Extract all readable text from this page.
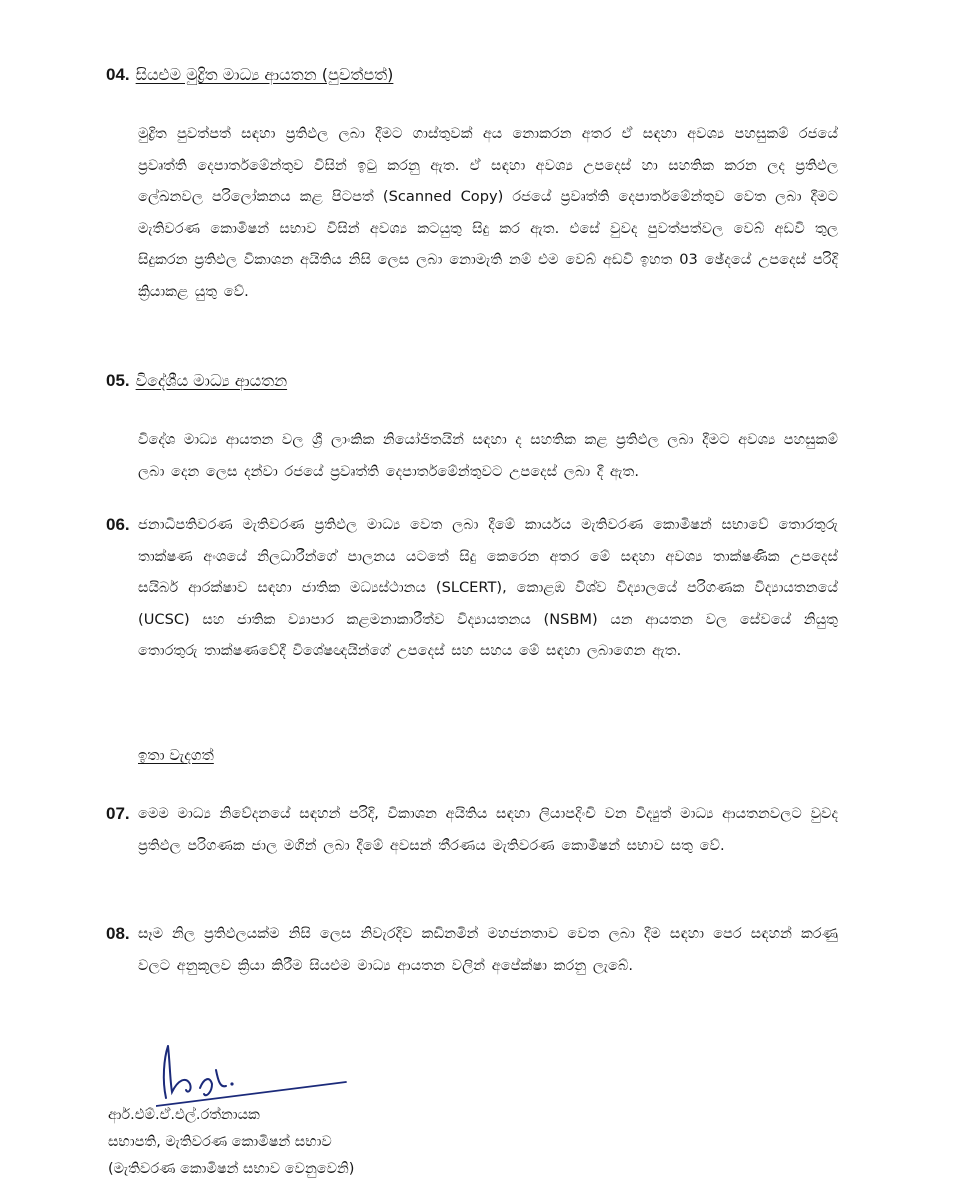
04. සියළුම මුද්‍රිත මාධ්‍ය ආයතන (පුවත්පත්)
මුද්‍රිත පුවත්පත් සඳහා ප්‍රතිඵල ලබා දීමට ගාස්තුවක් අය නොකරන අතර ඒ සඳහා අවශ්‍ය පහසුකම් රජයේ ප්‍රවෘත්ති දෙපාර්තමේන්තුව විසින් ඉටු කරනු ඇත. ඒ සඳහා අවශ්‍ය උපදෙස් හා සහතික කරන ලද ප්‍රතිඵල ලේඛනවල පරිලෝකනය කළ පිටපත් (Scanned Copy) රජයේ ප්‍රවෘත්ති දෙපාර්තමේන්තුව වෙත ලබා දීමට මැතිවරණ කොමිෂන් සභාව විසින් අවශ්‍ය කටයුතු සිදු කර ඇත. එසේ වුවද පුවත්පත්වල වෙබ් අඩවි තුල සිදුකරන ප්‍රතිඵල විකාශන අයිතිය නිසි ලෙස ලබා නොමැති නම් එම වෙබ් අඩවි ඉහත 03 ඡේදයේ උපදෙස් පරිදි ක්‍රියාකළ යුතු වේ.
05. විදේශීය මාධ්‍ය ආයතන
විදේශ මාධ්‍ය ආයතන වල ශ්‍රී ලාංකික නියෝජිතයින් සඳහා ද සහතික කළ ප්‍රතිඵල ලබා දීමට අවශ්‍ය පහසුකම් ලබා දෙන ලෙස දන්වා රජයේ ප්‍රවෘත්ති දෙපාර්තමේන්තුවට උපදෙස් ලබා දී ඇත.
06. ජනාධිපතිවරණ මැතිවරණ ප්‍රතිඵල මාධ්‍ය වෙත ලබා දීමේ කාර්යය මැතිවරණ කොමිෂන් සභාවේ තොරතුරු තාක්ෂණ අංශයේ නිලධාරීන්ගේ පාලනය යටතේ සිදු කෙරෙන අතර මේ සඳහා අවශ්‍ය තාක්ෂණික උපදෙස් සයිබර් ආරක්ෂාව සඳහා ජාතික මධ්‍යස්ථානය (SLCERT), කොළඹ විශ්ව විද්‍යාලයේ පරිගණක විද්‍යායතනයේ (UCSC) සහ ජාතික ව්‍යාපාර කළමනාකාරීත්ව විද්‍යායතනය (NSBM) යන ආයතන වල සේවයේ නියුතු තොරතුරු තාක්ෂණවේදී විශේෂඥයින්ගේ උපදෙස් සහ සහය මේ සඳහා ලබාගෙන ඇත.
ඉතා වැදගත්
07. මෙම මාධ්‍ය නිවේදනයේ සඳහන් පරිදි, විකාශන අයිතිය සඳහා ලියාපදිංචි වන විද්‍යුත් මාධ්‍ය ආයතනවලට වුවද ප්‍රතිඵල පරිගණක ජාල මගින් ලබා දීමේ අවසන් තීරණය මැතිවරණ කොමිෂන් සභාව සතු වේ.
08. සෑම නිල ප්‍රතිඵලයක්ම නිසි ලෙස නිවැරදිව කඩිනමින් මහජනතාව වෙත ලබා දීම සඳහා පෙර සඳහන් කරණු වලට අනුකූලව ක්‍රියා කිරීම සියළුම මාධ්‍ය ආයතන වලින් අපේක්ෂා කරනු ලැබේ.
ආර්.එම්.ඒ.එල්.රත්නායක
සභාපති, මැතිවරණ කොමිෂන් සභාව
(මැතිවරණ කොමිෂන් සභාව වෙනුවෙනි)
